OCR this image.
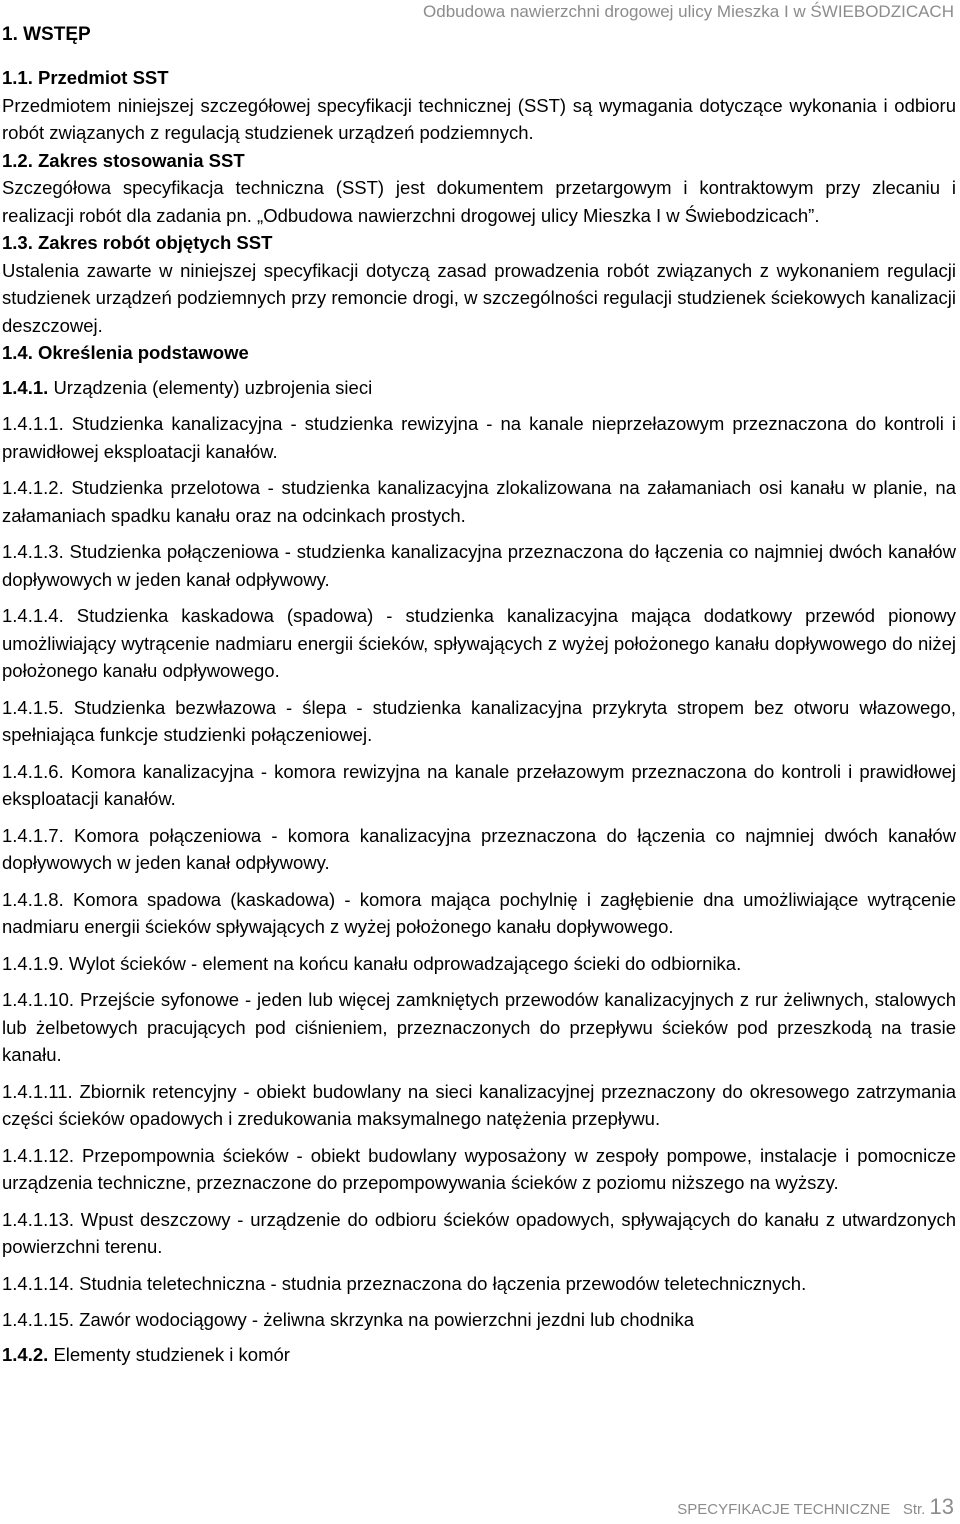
Odbudowa nawierzchni drogowej ulicy Mieszka I w ŚWIEBODZICACH
1. WSTĘP

1.1. Przedmiot SST

Przedmiotem niniejszej szczegółowej specyfikacji technicznej (SST) są wymagania dotyczące wykonania i odbioru robót związanych z regulacją studzienek urządzeń podziemnych.

1.2. Zakres stosowania SST

Szczegółowa specyfikacja techniczna (SST) jest dokumentem przetargowym i kontraktowym przy zlecaniu i realizacji robót dla zadania pn. „Odbudowa nawierzchni drogowej ulicy Mieszka I w Świebodzicach”.

1.3. Zakres robót objętych SST

Ustalenia zawarte w niniejszej specyfikacji dotyczą zasad prowadzenia robót związanych z wykonaniem regulacji studzienek urządzeń podziemnych przy remoncie drogi, w szczególności regulacji studzienek ściekowych kanalizacji deszczowej.

1.4. Określenia podstawowe

1.4.1. Urządzenia (elementy) uzbrojenia sieci

1.4.1.1. Studzienka kanalizacyjna - studzienka rewizyjna - na kanale nieprzełazowym przeznaczona do kontroli i prawidłowej eksploatacji kanałów.

1.4.1.2. Studzienka przelotowa - studzienka kanalizacyjna zlokalizowana na załamaniach osi kanału w planie, na załamaniach spadku kanału oraz na odcinkach prostych.

1.4.1.3. Studzienka połączeniowa - studzienka kanalizacyjna przeznaczona do łączenia co najmniej dwóch kanałów dopływowych w jeden kanał odpływowy.

1.4.1.4. Studzienka kaskadowa (spadowa) - studzienka kanalizacyjna mająca dodatkowy przewód pionowy umożliwiający wytrącenie nadmiaru energii ścieków, spływających z wyżej położonego kanału dopływowego do niżej położonego kanału odpływowego.

1.4.1.5. Studzienka bezwłazowa - ślepa - studzienka kanalizacyjna przykryta stropem bez otworu włazowego, spełniająca funkcje studzienki połączeniowej.

1.4.1.6. Komora kanalizacyjna - komora rewizyjna na kanale przełazowym przeznaczona do kontroli i prawidłowej eksploatacji kanałów.

1.4.1.7. Komora połączeniowa - komora kanalizacyjna przeznaczona do łączenia co najmniej dwóch kanałów dopływowych w jeden kanał odpływowy.

1.4.1.8. Komora spadowa (kaskadowa) - komora mająca pochylnię i zagłębienie dna umożliwiające wytrącenie nadmiaru energii ścieków spływających z wyżej położonego kanału dopływowego.

1.4.1.9. Wylot ścieków - element na końcu kanału odprowadzającego ścieki do odbiornika.

1.4.1.10. Przejście syfonowe - jeden lub więcej zamkniętych przewodów kanalizacyjnych z rur żeliwnych, stalowych lub żelbetowych pracujących pod ciśnieniem, przeznaczonych do przepływu ścieków pod przeszkodą na trasie kanału.

1.4.1.11. Zbiornik retencyjny - obiekt budowlany na sieci kanalizacyjnej przeznaczony do okresowego zatrzymania części ścieków opadowych i zredukowania maksymalnego natężenia przepływu.

1.4.1.12. Przepompownia ścieków - obiekt budowlany wyposażony w zespoły pompowe, instalacje i pomocnicze urządzenia techniczne, przeznaczone do przepompowywania ścieków z poziomu niższego na wyższy.

1.4.1.13. Wpust deszczowy - urządzenie do odbioru ścieków opadowych, spływających do kanału z utwardzonych powierzchni terenu.

1.4.1.14. Studnia teletechniczna - studnia przeznaczona do łączenia przewodów teletechnicznych.

1.4.1.15. Zawór wodociągowy - żeliwna skrzynka na powierzchni jezdni lub chodnika

1.4.2. Elementy studzienek i komór

SPECYFIKACJE TECHNICZNE Str. 13
